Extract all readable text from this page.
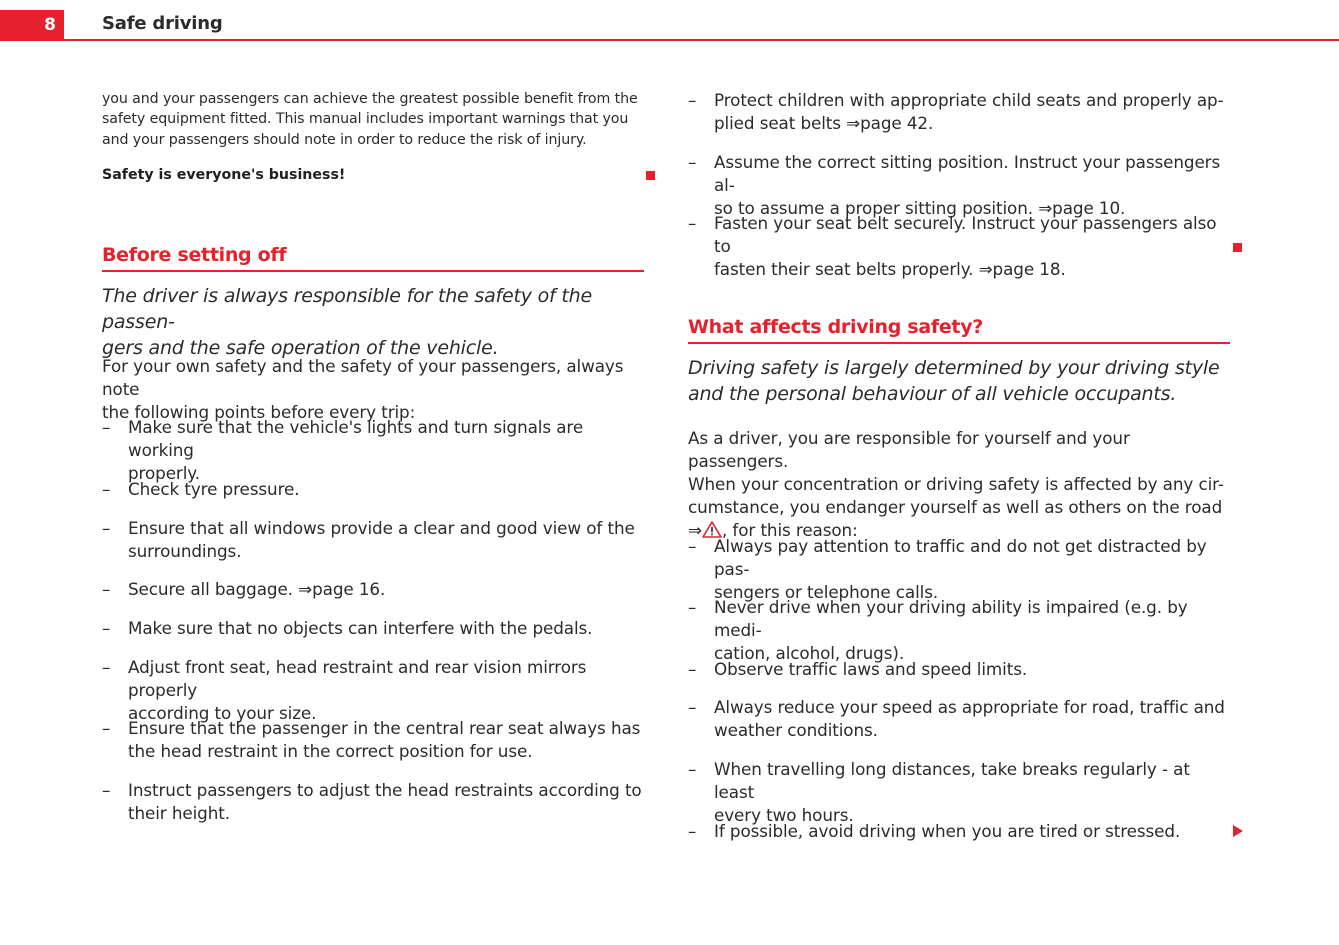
8	Safe driving
you and your passengers can achieve the greatest possible benefit from the
safety equipment fitted. This manual includes important warnings that you
and your passengers should note in order to reduce the risk of injury.
Safety is everyone's business!
Before setting off
The driver is always responsible for the safety of the passen-
gers and the safe operation of the vehicle.
For your own safety and the safety of your passengers, always note
the following points before every trip:
– Make sure that the vehicle's lights and turn signals are working
properly.
– Check tyre pressure.
– Ensure that all windows provide a clear and good view of the
surroundings.
– Secure all baggage. ⇒page 16.
– Make sure that no objects can interfere with the pedals.
– Adjust front seat, head restraint and rear vision mirrors properly
according to your size.
– Ensure that the passenger in the central rear seat always has
the head restraint in the correct position for use.
– Instruct passengers to adjust the head restraints according to
their height.
– Protect children with appropriate child seats and properly ap-
plied seat belts ⇒page 42.
– Assume the correct sitting position. Instruct your passengers al-
so to assume a proper sitting position. ⇒page 10.
– Fasten your seat belt securely. Instruct your passengers also to
fasten their seat belts properly. ⇒page 18.
What affects driving safety?
Driving safety is largely determined by your driving style
and the personal behaviour of all vehicle occupants.
As a driver, you are responsible for yourself and your passengers.
When your concentration or driving safety is affected by any cir-
cumstance, you endanger yourself as well as others on the road
⇒ , for this reason:
– Always pay attention to traffic and do not get distracted by pas-
sengers or telephone calls.
– Never drive when your driving ability is impaired (e.g. by medi-
cation, alcohol, drugs).
– Observe traffic laws and speed limits.
– Always reduce your speed as appropriate for road, traffic and
weather conditions.
– When travelling long distances, take breaks regularly - at least
every two hours.
– If possible, avoid driving when you are tired or stressed.
